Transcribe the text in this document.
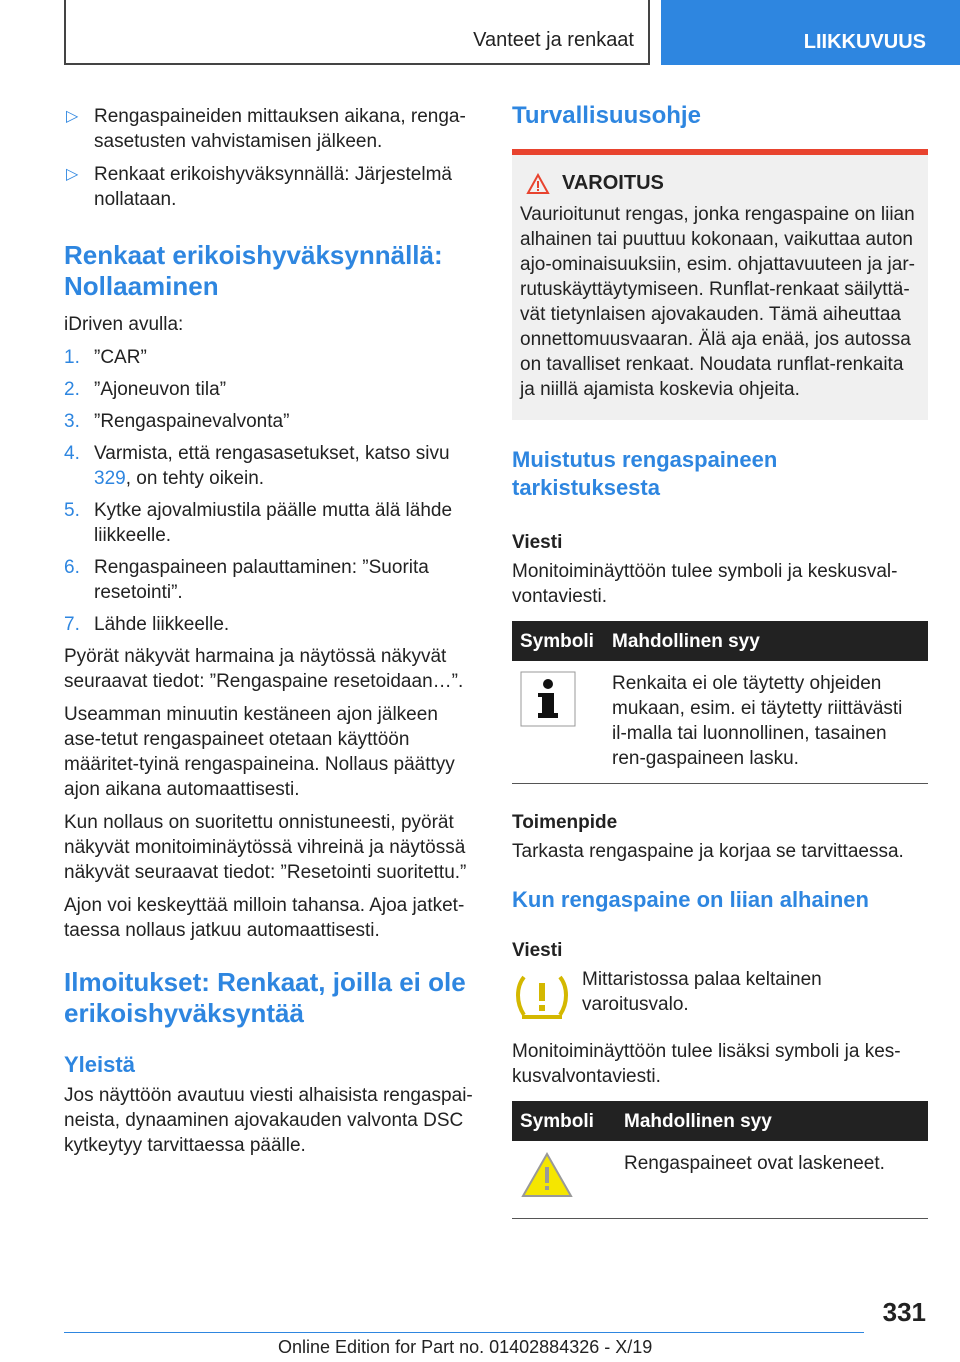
Vanteet ja renkaat	LIIKKUVUUS
▷ Rengaspaineiden mittauksen aikana, renga-sasetusten vahvistamisen jälkeen.
▷ Renkaat erikoishyväksynnällä: Järjestelmä nollataan.
Renkaat erikoishyväksynnällä: Nollaaminen

iDriven avulla:

1. ”CAR”
2. ”Ajoneuvon tila”
3. ”Rengaspainevalvonta”
4. Varmista, että rengasasetukset, katso sivu 329, on tehty oikein.
5. Kytke ajovalmiustila päälle mutta älä lähde liikkeelle.
6. Rengaspaineen palauttaminen: ”Suorita resetointi”.
7. Lähde liikkeelle.

Pyörät näkyvät harmaina ja näytössä näkyvät seuraavat tiedot: ”Rengaspaine resetoidaan…”.

Useamman minuutin kestäneen ajon jälkeen ase-tetut rengaspaineet otetaan käyttöön määritet-tyinä rengaspaineina. Nollaus päättyy ajon aikana automaattisesti.

Kun nollaus on suoritettu onnistuneesti, pyörät näkyvät monitoiminäytössä vihreinä ja näytössä näkyvät seuraavat tiedot: ”Resetointi suoritettu.”

Ajon voi keskeyttää milloin tahansa. Ajoa jatket-taessa nollaus jatkuu automaattisesti.

Ilmoitukset: Renkaat, joilla ei ole erikoishyväksyntää
Yleistä

Jos näyttöön avautuu viesti alhaisista rengaspai-neista, dynaaminen ajovakauden valvonta DSC kytkeytyy tarvittaessa päälle.

Turvallisuusohje
VAROITUS
Vaurioitunut rengas, jonka rengaspaine on liian alhainen tai puuttuu kokonaan, vaikuttaa auton ajo-ominaisuuksiin, esim. ohjattavuuteen ja jar-rutuskäyttäytymiseen. Runflat-renkaat säilyttä-vät tietynlaisen ajovakauden. Tämä aiheuttaa onnettomuusvaaran. Älä aja enää, jos autossa on tavalliset renkaat. Noudata runflat-renkaita ja niillä ajamista koskevia ohjeita.
Muistutus rengaspaineen tarkistuksesta
Viesti

Monitoiminäyttöön tulee symboli ja keskusval-vontaviesti.

Symboli	Mahdollinen syy
	Renkaita ei ole täytetty ohjeiden mukaan, esim. ei täytetty riittävästi il-malla tai luonnollinen, tasainen ren-gaspaineen lasku.
Toimenpide

Tarkasta rengaspaine ja korjaa se tarvittaessa.

Kun rengaspaine on liian alhainen
Viesti
Mittaristossa palaa keltainen varoitusvalo.

Monitoiminäyttöön tulee lisäksi symboli ja kes-kusvalvontaviesti.

Symboli	Mahdollinen syy
	Rengaspaineet ovat laskeneet.
331
Online Edition for Part no. 01402884326 - X/19
